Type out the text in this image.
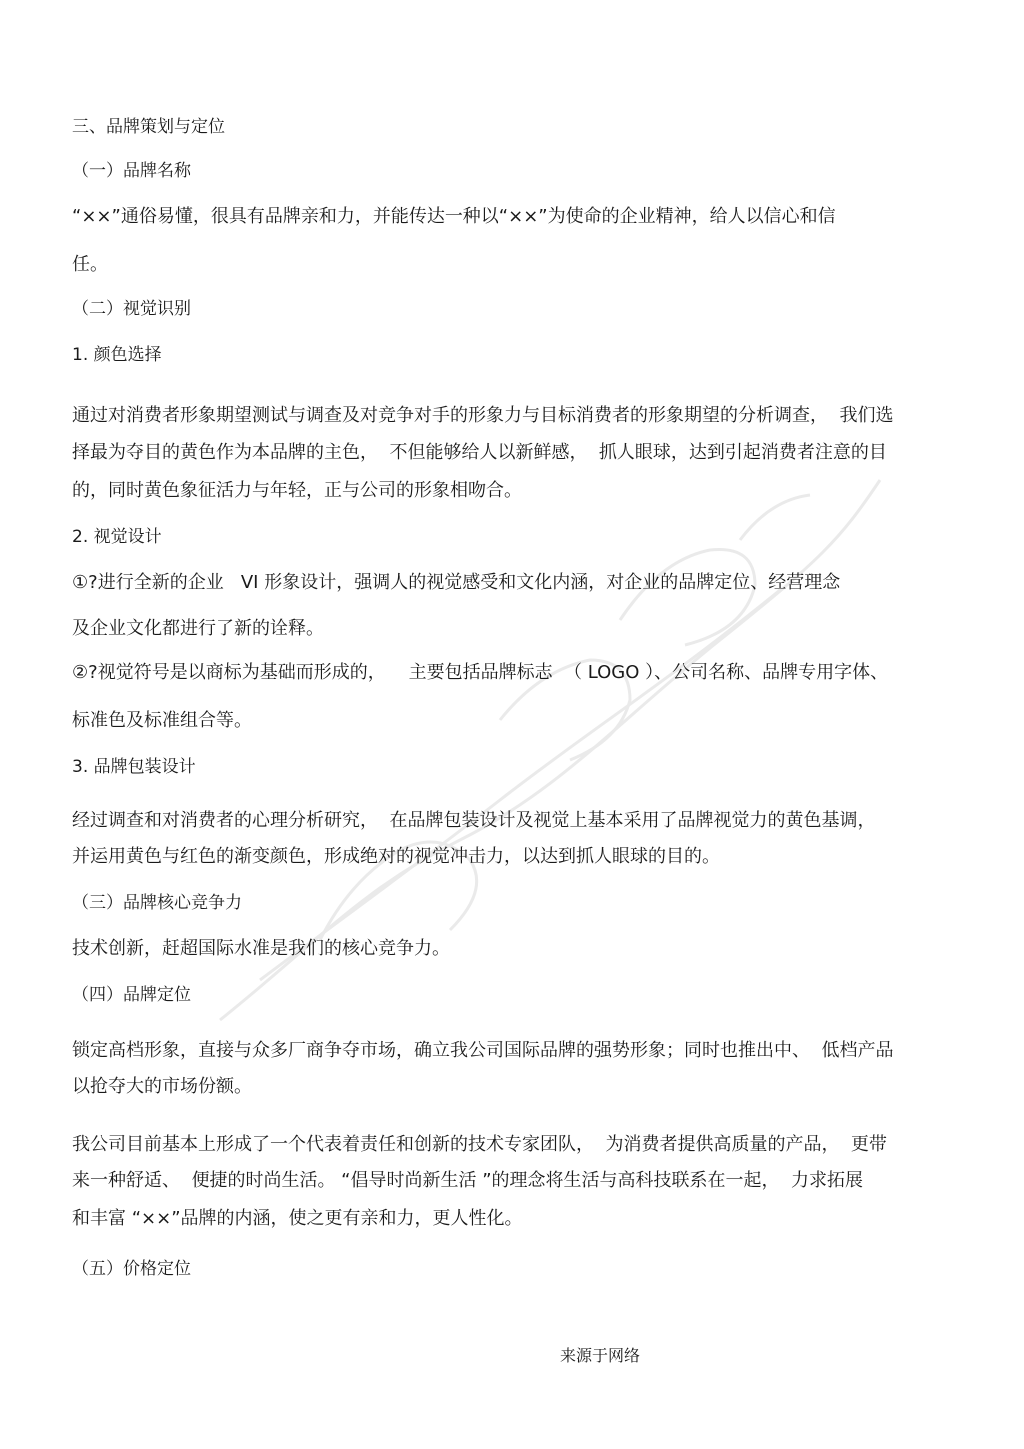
三、品牌策划与定位
（一）品牌名称
“××”通俗易懂，很具有品牌亲和力，并能传达一种以“××”为使命的企业精神，给人以信心和信
任。
（二）视觉识别
1. 颜色选择
通过对消费者形象期望测试与调查及对竞争对手的形象力与目标消费者的形象期望的分析调查，  我们选
择最为夺目的黄色作为本品牌的主色，  不但能够给人以新鲜感，  抓人眼球，达到引起消费者注意的目
的，同时黄色象征活力与年轻，正与公司的形象相吻合。
2. 视觉设计
①?进行全新的企业   VI 形象设计，强调人的视觉感受和文化内涵，对企业的品牌定位、经营理念
及企业文化都进行了新的诠释。
②?视觉符号是以商标为基础而形成的，    主要包括品牌标志  （ LOGO ）、公司名称、品牌专用字体、
标准色及标准组合等。
3. 品牌包装设计
经过调查和对消费者的心理分析研究，  在品牌包装设计及视觉上基本采用了品牌视觉力的黄色基调，
并运用黄色与红色的渐变颜色，形成绝对的视觉冲击力，以达到抓人眼球的目的。
（三）品牌核心竞争力
技术创新，赶超国际水准是我们的核心竞争力。
（四）品牌定位
锁定高档形象，直接与众多厂商争夺市场，确立我公司国际品牌的强势形象；同时也推出中、  低档产品
以抢夺大的市场份额。
我公司目前基本上形成了一个代表着责任和创新的技术专家团队，  为消费者提供高质量的产品，  更带
来一种舒适、  便捷的时尚生活。 “倡导时尚新生活 ”的理念将生活与高科技联系在一起，  力求拓展
和丰富 “××”品牌的内涵，使之更有亲和力，更人性化。
（五）价格定位
来源于网络
